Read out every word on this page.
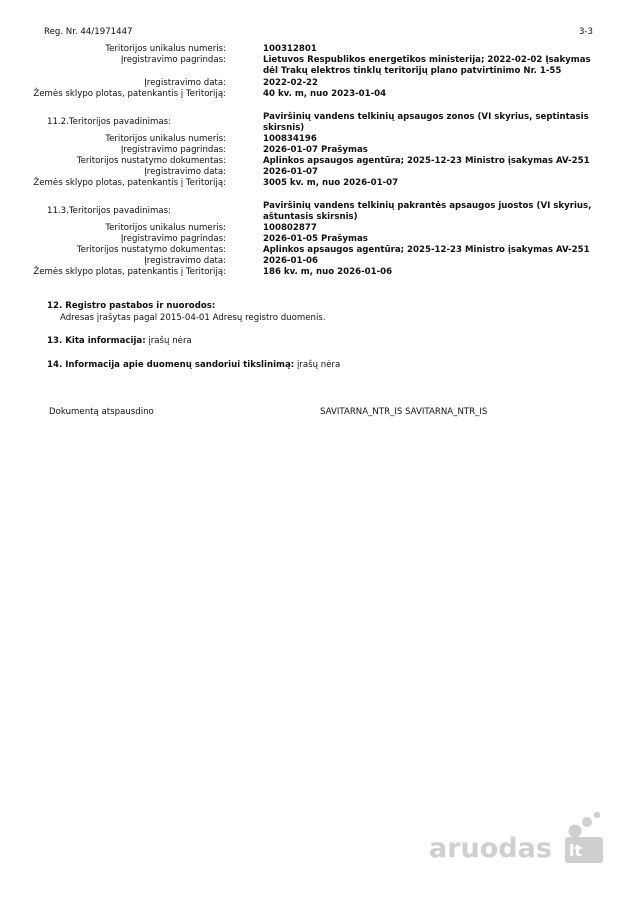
Reg. Nr. 44/1971447	3-3
Teritorijos unikalus numeris:	100312801
Įregistravimo pagrindas:	Lietuvos Respublikos energetikos ministerija; 2022-02-02 Įsakymas dėl Trakų elektros tinklų teritorijų plano patvirtinimo Nr. 1-55
Įregistravimo data:	2022-02-22
Žemės sklypo plotas, patenkantis į Teritoriją:	40 kv. m, nuo 2023-01-04
11.2.Teritorijos pavadinimas:	Paviršinių vandens telkinių apsaugos zonos (VI skyrius, septintasis skirsnis)
Teritorijos unikalus numeris:	100834196
Įregistravimo pagrindas:	2026-01-07 Prašymas
Teritorijos nustatymo dokumentas:	Aplinkos apsaugos agentūra; 2025-12-23 Ministro įsakymas AV-251
Įregistravimo data:	2026-01-07
Žemės sklypo plotas, patenkantis į Teritoriją:	3005 kv. m, nuo 2026-01-07
11.3.Teritorijos pavadinimas:	Paviršinių vandens telkinių pakrantės apsaugos juostos (VI skyrius, aštuntasis skirsnis)
Teritorijos unikalus numeris:	100802877
Įregistravimo pagrindas:	2026-01-05 Prašymas
Teritorijos nustatymo dokumentas:	Aplinkos apsaugos agentūra; 2025-12-23 Ministro įsakymas AV-251
Įregistravimo data:	2026-01-06
Žemės sklypo plotas, patenkantis į Teritoriją:	186 kv. m, nuo 2026-01-06
12. Registro pastabos ir nuorodos:
Adresas įrašytas pagal 2015-04-01 Adresų registro duomenis.
13. Kita informacija: įrašų nėra
14. Informacija apie duomenų sandoriui tikslinimą: įrašų nėra
Dokumentą atspausdino	SAVITARNA_NTR_IS SAVITARNA_NTR_IS
lt
aruodas
